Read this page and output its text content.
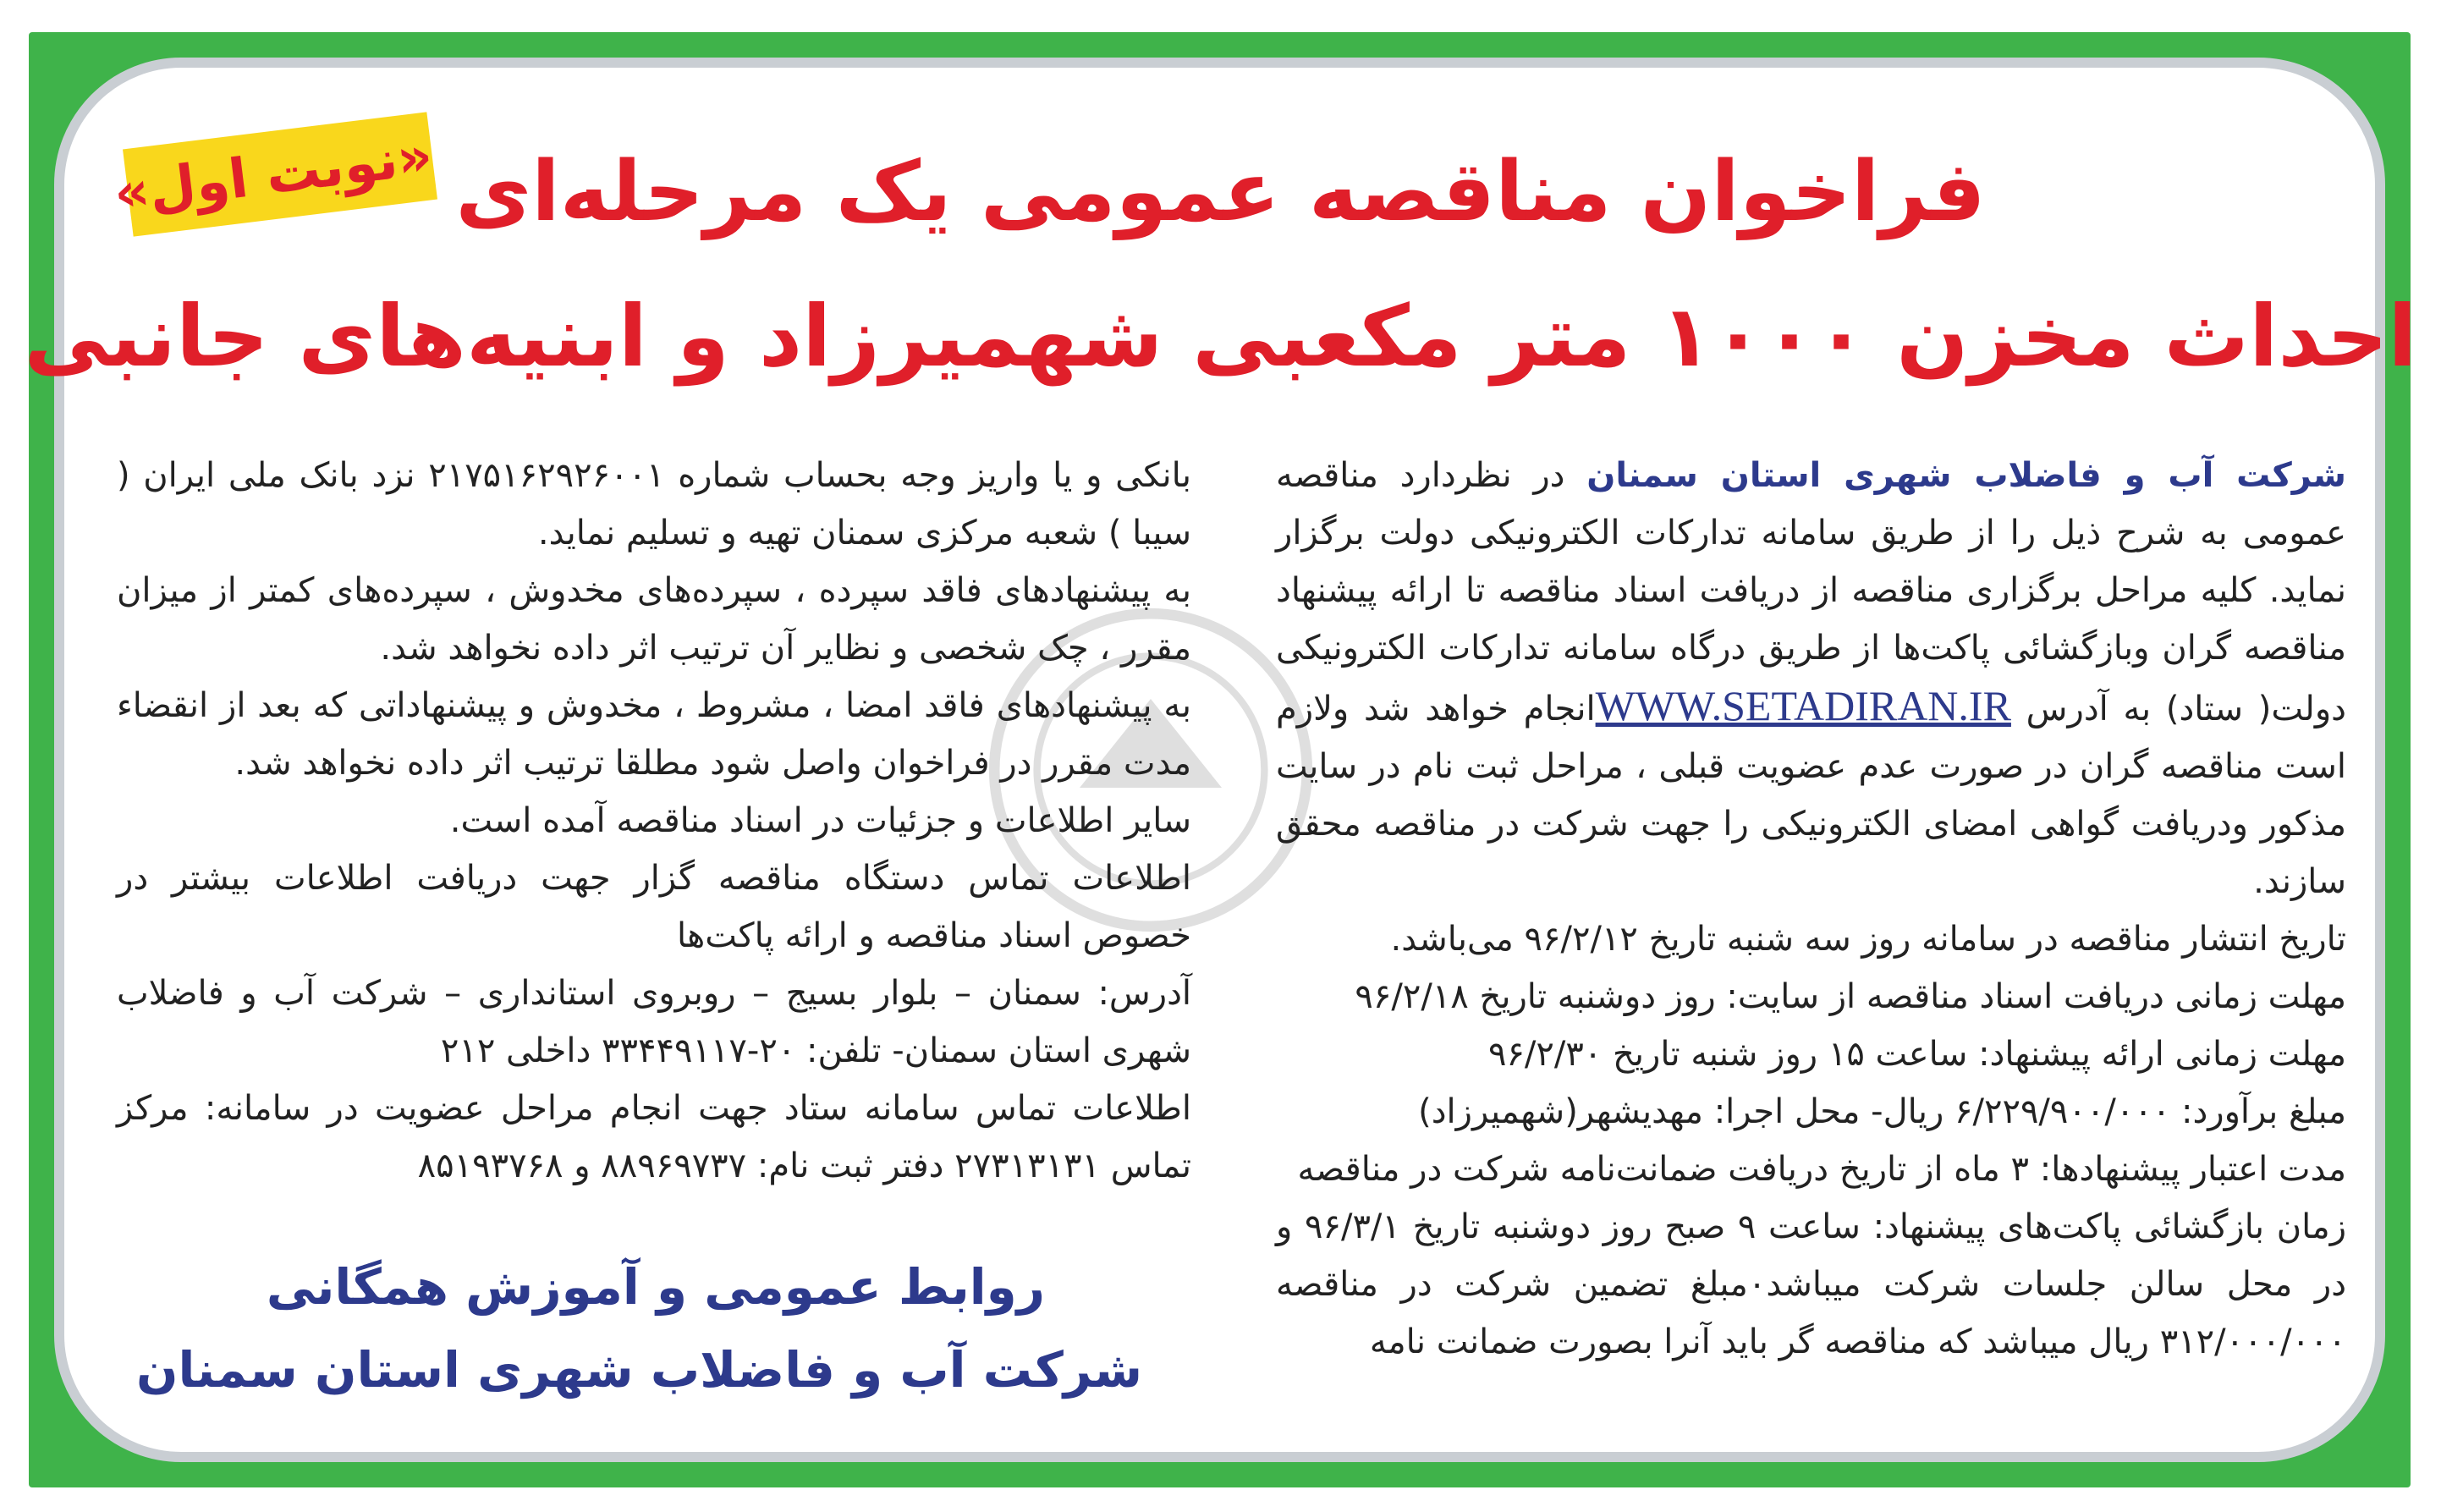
«نوبت اول» فراخوان مناقصه عمومی یک مرحله‌ای
احداث مخزن ۱۰۰۰ متر مکعبی شهمیرزاد و ابنیه‌های جانبی

شرکت آب و فاضلاب شهری استان سمنان در نظردارد مناقصه عمومی به شرح ذیل را از طریق سامانه تدارکات الکترونیکی دولت برگزار نماید. کلیه مراحل برگزاری مناقصه از دریافت اسناد مناقصه تا ارائه پیشنهاد مناقصه گران وبازگشائی پاکت‌ها از طریق درگاه سامانه تدارکات الکترونیکی دولت( ستاد) به آدرس WWW.SETADIRAN.IRانجام خواهد شد ولازم است مناقصه گران در صورت عدم عضویت قبلی ، مراحل ثبت نام در سایت مذکور ودریافت گواهی امضای الکترونیکی را جهت شرکت در مناقصه محقق سازند.

تاریخ انتشار مناقصه در سامانه روز سه شنبه تاریخ ۹۶/۲/۱۲ می‌باشد.

مهلت زمانی دریافت اسناد مناقصه از سایت: روز دوشنبه تاریخ ۹۶/۲/۱۸

مهلت زمانی ارائه پیشنهاد: ساعت ۱۵ روز شنبه تاریخ ۹۶/۲/۳۰

مبلغ برآورد: ۶/۲۲۹/۹۰۰/۰۰۰ ریال- محل اجرا: مهدیشهر(شهمیرزاد)

مدت اعتبار پیشنهادها: ۳ ماه از تاریخ دریافت ضمانت‌نامه شرکت در مناقصه

زمان بازگشائی پاکت‌های پیشنهاد: ساعت ۹ صبح روز دوشنبه تاریخ ۹۶/۳/۱ و در محل سالن جلسات شرکت میباشد٠مبلغ تضمین شرکت در مناقصه ۳۱۲/۰۰۰/۰۰۰ ریال میباشد که مناقصه گر باید آنرا بصورت ضمانت نامه

بانکی و یا واریز وجه بحساب شماره ۲۱۷۵۱۶۲۹۲۶۰۰۱ نزد بانک ملی ایران ( سیبا ) شعبه مرکزی سمنان تهیه و تسلیم نماید.

به پیشنهادهای فاقد سپرده ، سپرده‌های مخدوش ، سپرده‌های کمتر از میزان مقرر ، چک شخصی و نظایر آن ترتیب اثر داده نخواهد شد.

به پیشنهادهای فاقد امضا ، مشروط ، مخدوش و پیشنهاداتی که بعد از انقضاء مدت مقرر در فراخوان واصل شود مطلقا ترتیب اثر داده نخواهد شد.

سایر اطلاعات و جزئیات در اسناد مناقصه آمده است.

اطلاعات تماس دستگاه مناقصه گزار جهت دریافت اطلاعات بیشتر در خصوص اسناد مناقصه و ارائه پاکت‌ها

آدرس: سمنان – بلوار بسیج – روبروی استانداری – شرکت آب و فاضلاب شهری استان سمنان- تلفن: ۲۰-۳۳۴۴۹۱۱۷ داخلی ۲۱۲

اطلاعات تماس سامانه ستاد جهت انجام مراحل عضویت در سامانه: مرکز تماس ۲۷۳۱۳۱۳۱ دفتر ثبت نام: ۸۸۹۶۹۷۳۷ و ۸۵۱۹۳۷۶۸

روابط عمومی و آموزش همگانی

شرکت آب و فاضلاب شهری استان سمنان
